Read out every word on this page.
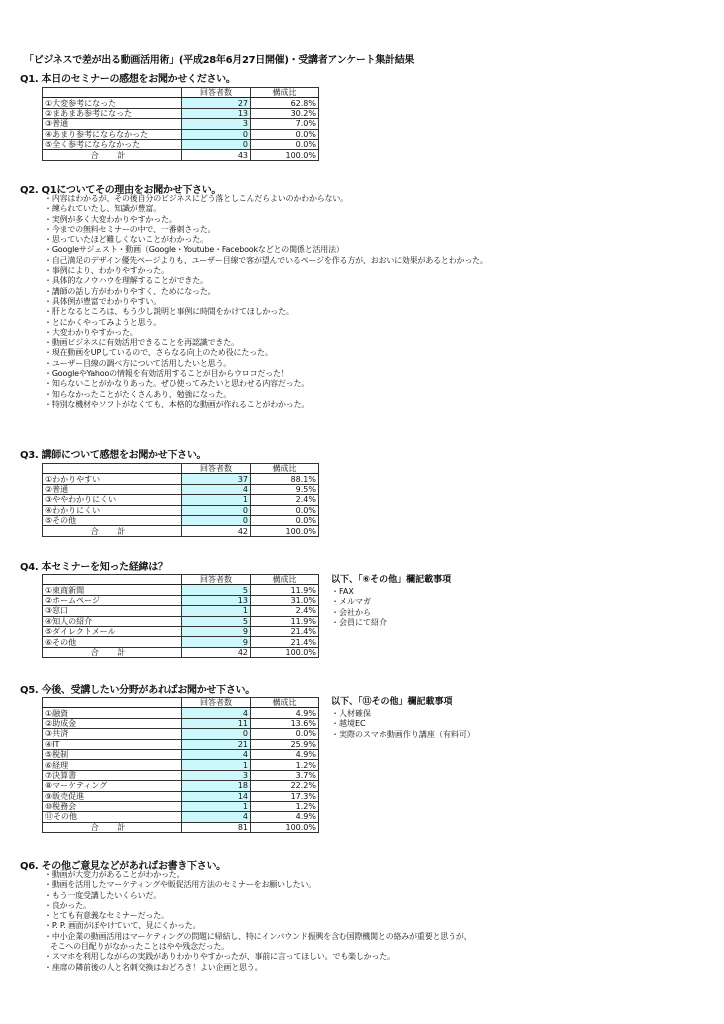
「ビジネスで差が出る動画活用術」(平成28年6月27日開催)・受講者アンケート集計結果
Q1. 本日のセミナーの感想をお聞かせください。
	回答者数	構成比
①大変参考になった	27	62.8%
②まあまあ参考になった	13	30.2%
③普通	3	7.0%
④あまり参考にならなかった	0	0.0%
⑤全く参考にならなかった	0	0.0%
合 計	43	100.0%
Q2. Q1についてその理由をお聞かせ下さい。
・ 内容はわかるが、その後自分のビジネスにどう落としこんだらよいのかわからない。
・ 練られていたし、知識が豊富。
・ 実例が多く大変わかりやすかった。
・ 今までの無料セミナーの中で、一番刺さった。
・ 思っていたほど難しくないことがわかった。
・ Googleサジェスト・動画（Google・Youtube・Facebookなどとの関係と活用法）
・ 自己満足のデザイン優先ページよりも、ユーザー目線で客が望んでいるページを作る方が、おおいに効果があるとわかった。
・ 事例により、わかりやすかった。
・ 具体的なノウハウを理解することができた。
・ 講師の話し方がわかりやすく、ためになった。
・ 具体例が豊富でわかりやすい。
・ 肝となるところは、もう少し説明と事例に時間をかけてほしかった。
・ とにかくやってみようと思う。
・ 大変わかりやすかった。
・ 動画ビジネスに有効活用できることを再認識できた。
・ 現在動画をUPしているので、さらなる向上のため役にたった。
・ ユーザー目線の調べ方について活用したいと思う。
・ GoogleやYahooの情報を有効活用することが目からウロコだった！
・ 知らないことがかなりあった。ぜひ使ってみたいと思わせる内容だった。
・ 知らなかったことがたくさんあり、勉強になった。
・ 特別な機材やソフトがなくても、本格的な動画が作れることがわかった。
Q3. 講師について感想をお聞かせ下さい。
	回答者数	構成比
①わかりやすい	37	88.1%
②普通	4	9.5%
③ややわかりにくい	1	2.4%
④わかりにくい	0	0.0%
⑤その他	0	0.0%
合 計	42	100.0%
Q4. 本セミナーを知った経緯は？
	回答者数	構成比
①東商新聞	5	11.9%
②ホームページ	13	31.0%
③窓口	1	2.4%
④知人の紹介	5	11.9%
⑤ダイレクトメール	9	21.4%
⑥その他	9	21.4%
合 計	42	100.0%
以下、「⑥その他」欄記載事項
・ FAX
・ メルマガ
・ 会社から
・ 会員にて紹介
Q5. 今後、受講したい分野があればお聞かせ下さい。
	回答者数	構成比
①融資	4	4.9%
②助成金	11	13.6%
③共済	0	0.0%
④IT	21	25.9%
⑤税制	4	4.9%
⑥経理	1	1.2%
⑦決算書	3	3.7%
⑧マーケティング	18	22.2%
⑨販売促進	14	17.3%
⑩税務会	1	1.2%
⑪その他	4	4.9%
合 計	81	100.0%
以下、「⑪その他」欄記載事項
・ 人材確保
・ 越境EC
・ 実際のスマホ動画作り講座（有料可）
Q6. その他ご意見などがあればお書き下さい。
・ 動画が大変力があることがわかった。
・ 動画を活用したマーケティングや販促活用方法のセミナーをお願いしたい。
・ もう一度受講したいくらいだ。
・ 良かった。
・ とても有意義なセミナーだった。
・ P. P. 画面がぼやけていて、見にくかった。
・ 中小企業の動画活用はマーケティングの問題に帰結し、特にインバウンド振興を含む国際機関との絡みが重要と思うが、
そこへの目配りがなかったことはやや残念だった。
・ スマホを利用しながらの実践がありわかりやすかったが、事前に言ってほしい。でも楽しかった。
・ 座席の隣前後の人と名刺交換はおどろき！よい企画と思う。
